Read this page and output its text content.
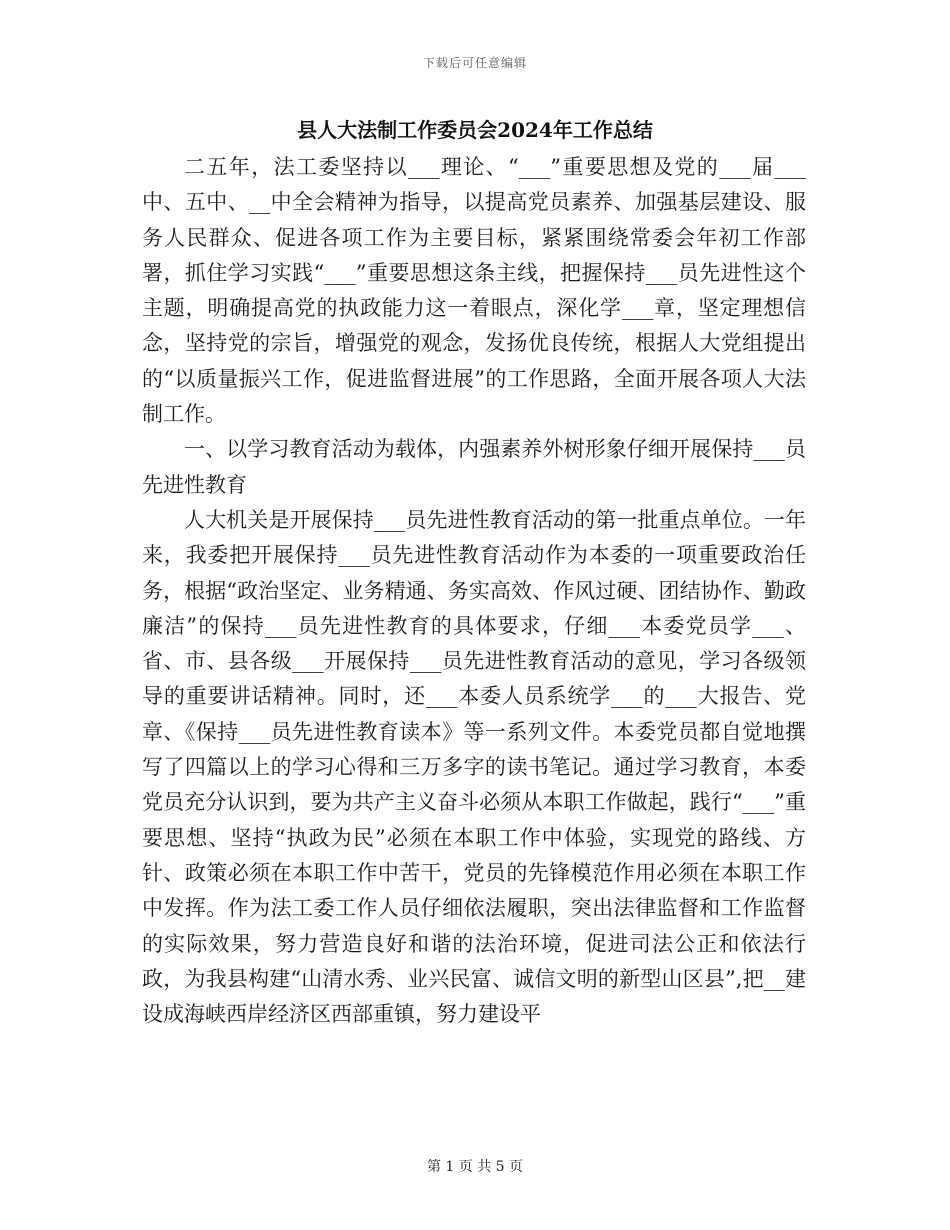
下载后可任意编辑
县人大法制工作委员会2024年工作总结

二五年，法工委坚持以___理论、“___”重要思想及党的___届___中、五中、__中全会精神为指导，以提高党员素养、加强基层建设、服务人民群众、促进各项工作为主要目标，紧紧围绕常委会年初工作部署，抓住学习实践“___”重要思想这条主线，把握保持___员先进性这个主题，明确提高党的执政能力这一着眼点，深化学___章，坚定理想信念，坚持党的宗旨，增强党的观念，发扬优良传统，根据人大党组提出的“以质量振兴工作，促进监督进展”的工作思路，全面开展各项人大法制工作。

一、以学习教育活动为载体，内强素养外树形象仔细开展保持___员先进性教育

人大机关是开展保持___员先进性教育活动的第一批重点单位。一年来，我委把开展保持___员先进性教育活动作为本委的一项重要政治任务，根据“政治坚定、业务精通、务实高效、作风过硬、团结协作、勤政廉洁”的保持___员先进性教育的具体要求，仔细___本委党员学___、省、市、县各级___开展保持___员先进性教育活动的意见，学习各级领导的重要讲话精神。同时，还___本委人员系统学___的___大报告、党章、《保持___员先进性教育读本》等一系列文件。本委党员都自觉地撰写了四篇以上的学习心得和三万多字的读书笔记。通过学习教育，本委党员充分认识到，要为共产主义奋斗必须从本职工作做起，践行“___”重要思想、坚持“执政为民”必须在本职工作中体验，实现党的路线、方针、政策必须在本职工作中苦干，党员的先锋模范作用必须在本职工作中发挥。作为法工委工作人员仔细依法履职，突出法律监督和工作监督的实际效果，努力营造良好和谐的法治环境，促进司法公正和依法行政，为我县构建“山清水秀、业兴民富、诚信文明的新型山区县”,把__建设成海峡西岸经济区西部重镇，努力建设平

第 1 页 共 5 页
